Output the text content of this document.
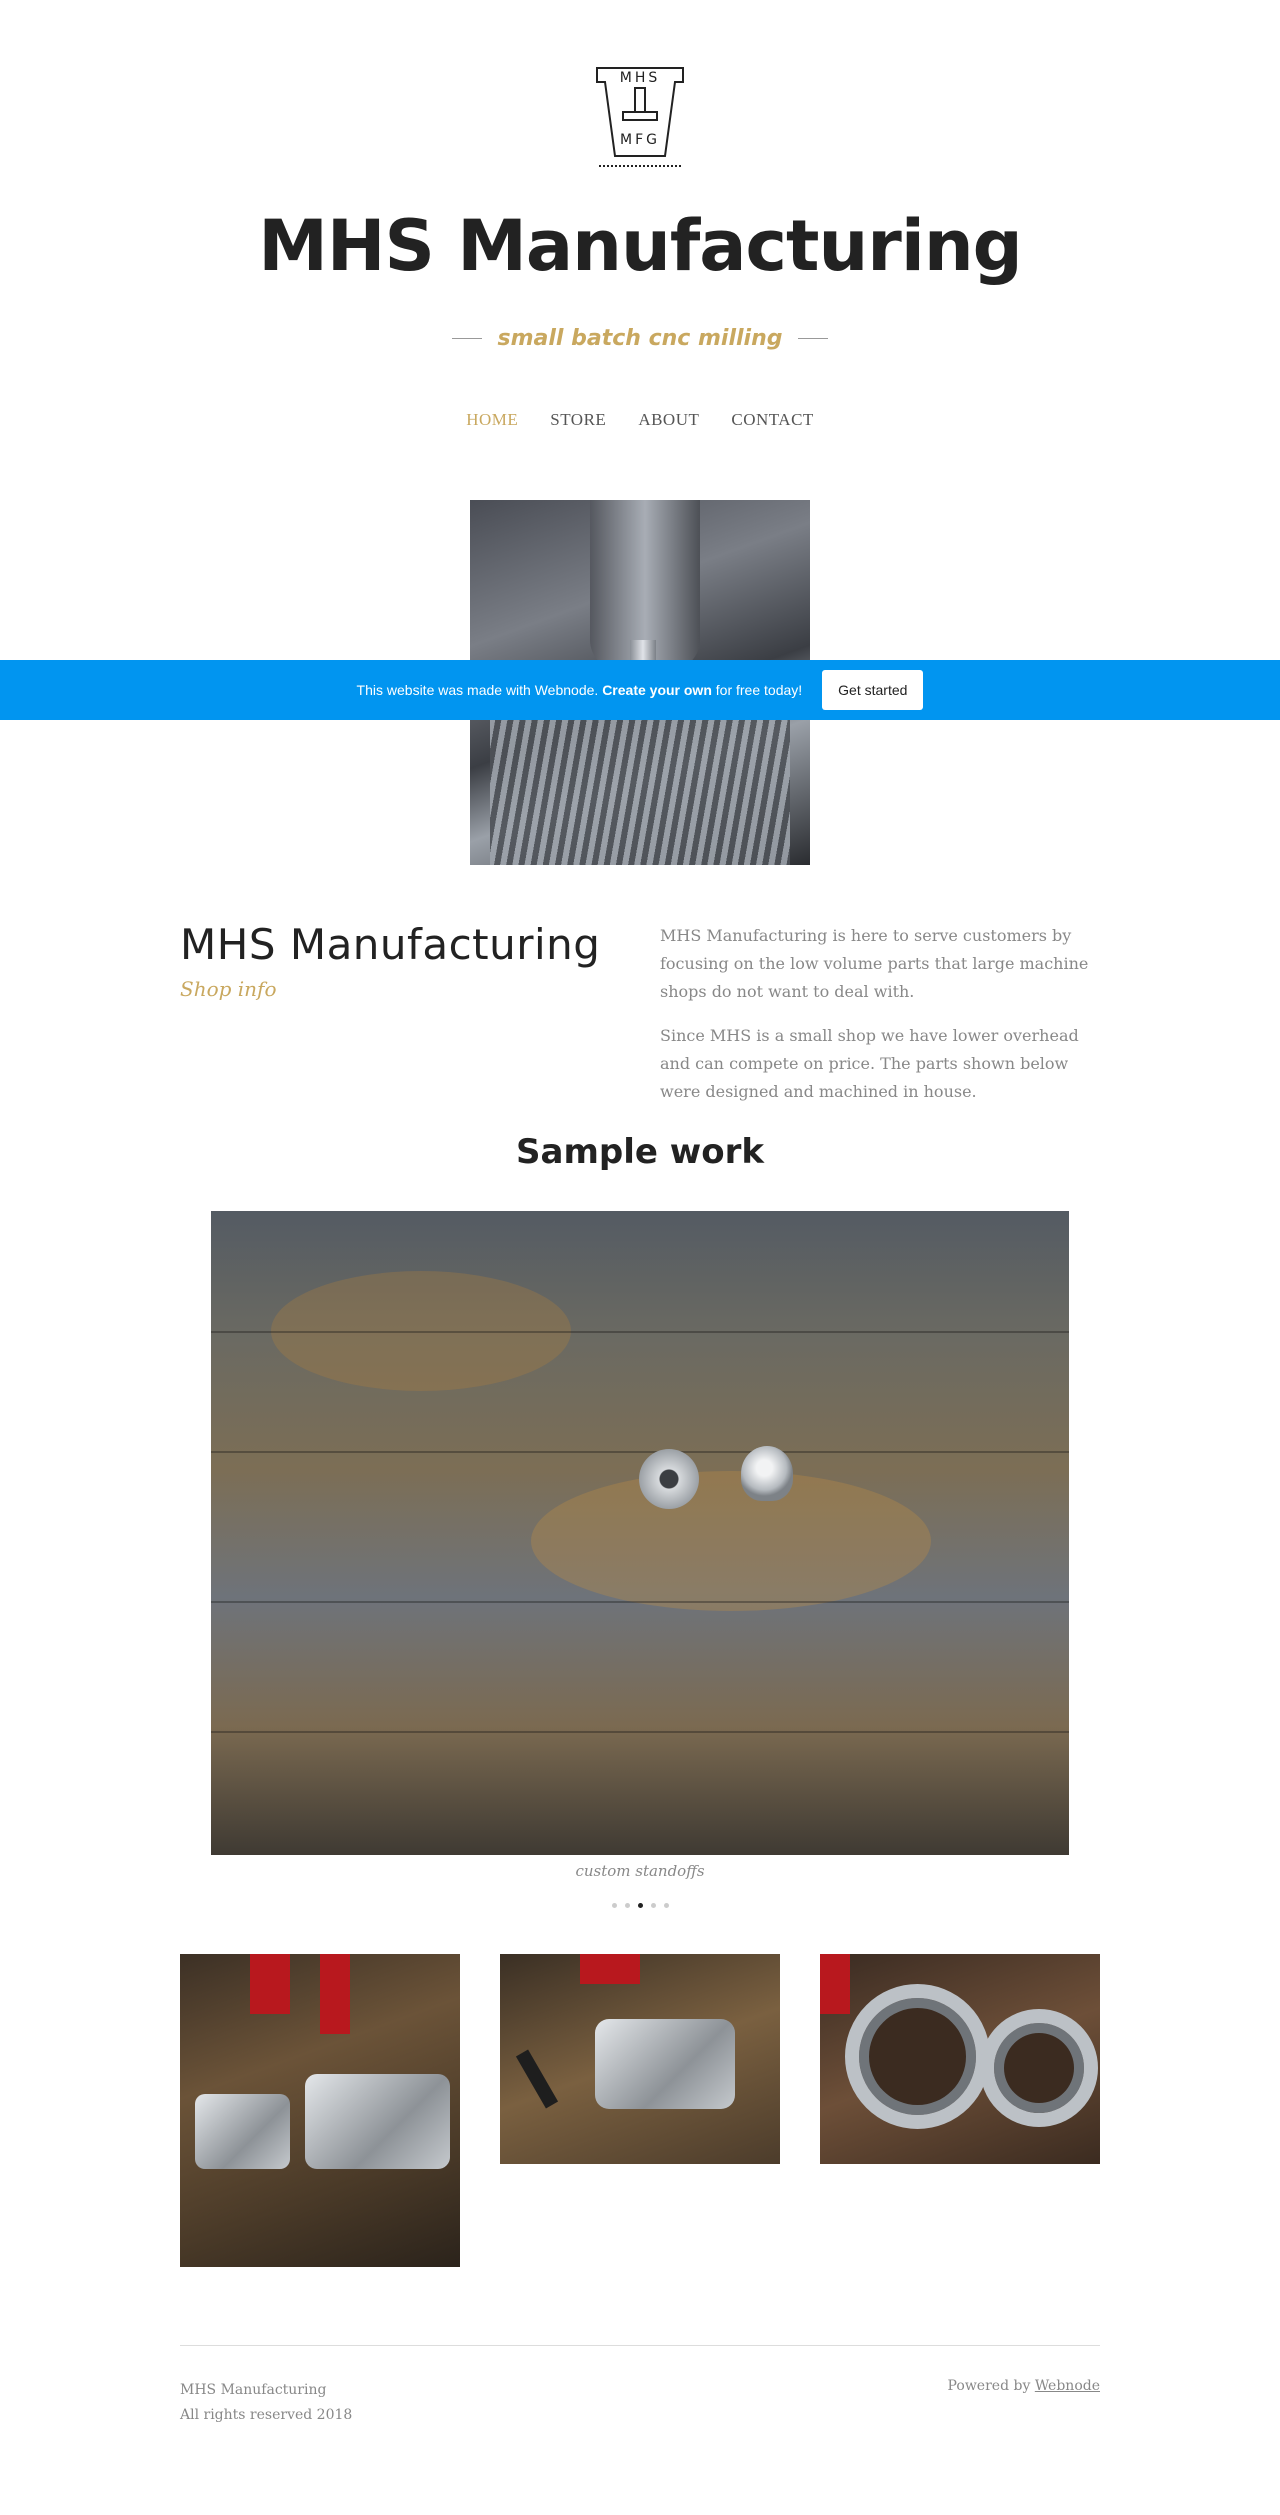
MHS
MFG
MHS Manufacturing
small batch cnc milling
HOME STORE ABOUT CONTACT
This website was made with Webnode. Create your own for free today!	Get started
MHS Manufacturing
Shop info

MHS Manufacturing is here to serve customers by focusing on the low volume parts that large machine shops do not want to deal with.

Since MHS is a small shop we have lower overhead and can compete on price. The parts shown below were designed and machined in house.

Sample work
custom standoffs
MHS Manufacturing
All rights reserved 2018
Powered by Webnode
